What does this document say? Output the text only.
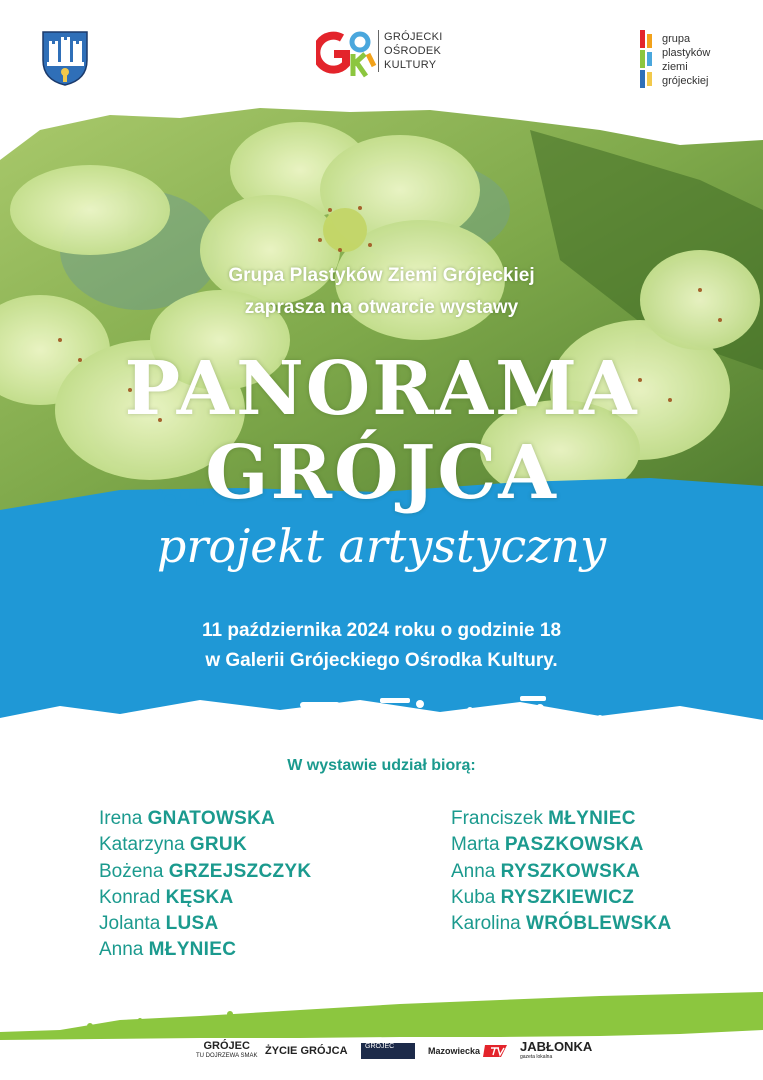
GRÓJECKI
OŚRODEK
KULTURY
grupa
plastyków
ziemi
grójeckiej
Grupa Plastyków Ziemi Grójeckiej
zaprasza na otwarcie wystawy
PANORAMA
GRÓJCA
projekt artystyczny
11 października 2024 roku o godzinie 18
w Galerii Grójeckiego Ośrodka Kultury.
W wystawie udział biorą:
Irena GNATOWSKA
Katarzyna GRUK
Bożena GRZEJSZCZYK
Konrad KĘSKA
Jolanta LUSA
Anna MŁYNIEC
Franciszek MŁYNIEC
Marta PASZKOWSKA
Anna RYSZKOWSKA
Kuba RYSZKIEWICZ
Karolina WRÓBLEWSKA
GRÓJEC
TU DOJRZEWA SMAK ŻYCIE GRÓJCA	GRÓJEC	Mazowiecka	JABŁONKA
gazeta lokalna
